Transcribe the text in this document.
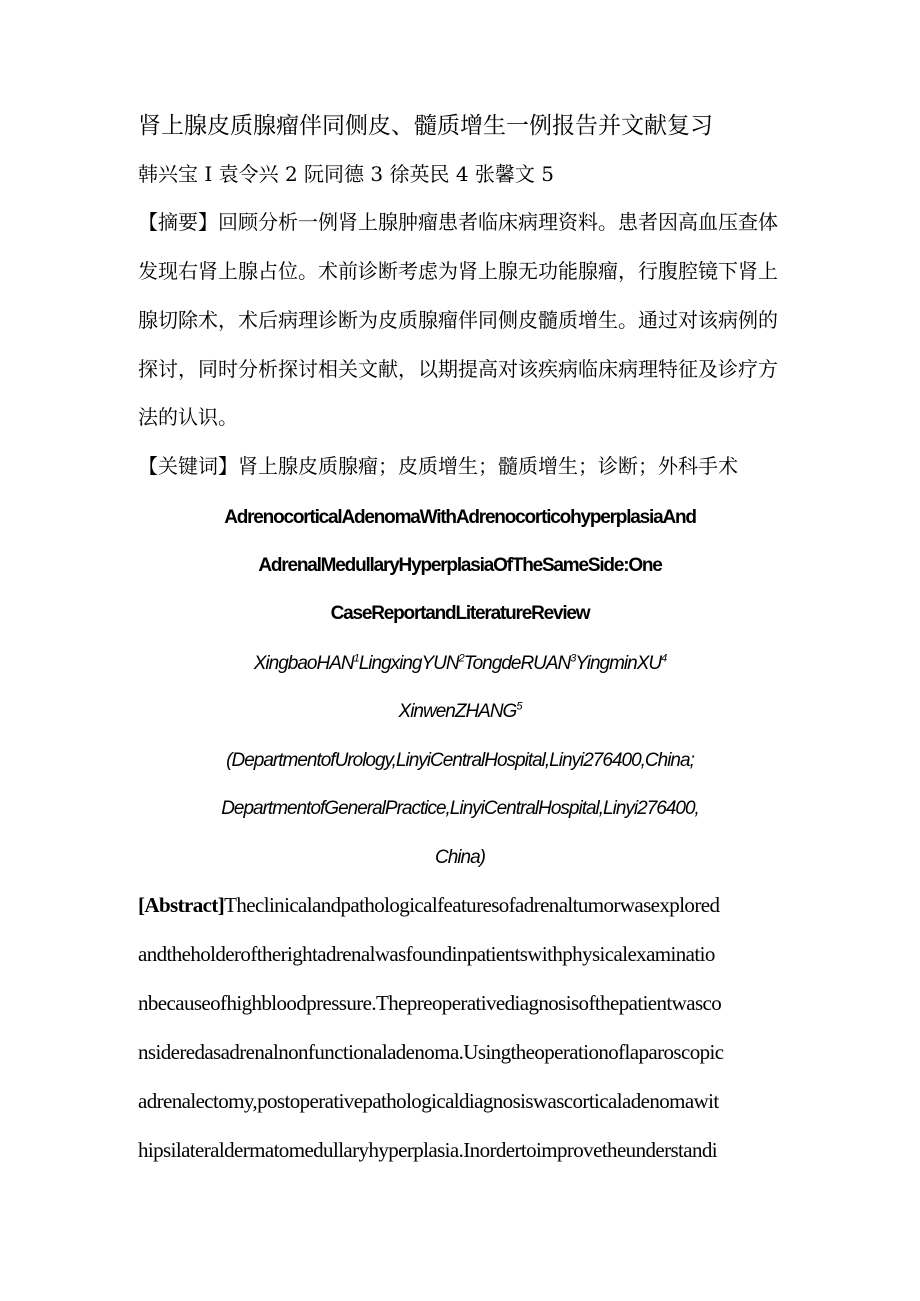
肾上腺皮质腺瘤伴同侧皮、髓质增生一例报告并文献复习
韩兴宝 I 袁令兴 2 阮同德 3 徐英民 4 张馨文 5
【摘要】回顾分析一例肾上腺肿瘤患者临床病理资料。患者因高血压查体
发现右肾上腺占位。术前诊断考虑为肾上腺无功能腺瘤，行腹腔镜下肾上
腺切除术，术后病理诊断为皮质腺瘤伴同侧皮髓质增生。通过对该病例的
探讨，同时分析探讨相关文献，以期提高对该疾病临床病理特征及诊疗方
法的认识。
【关键词】肾上腺皮质腺瘤；皮质增生；髓质增生；诊断；外科手术
AdrenocorticalAdenomaWithAdrenocorticohyperplasiaAnd
AdrenalMedullaryHyperplasiaOfTheSameSide:One
CaseReportandLiteratureReview
XingbaoHAN$^1$LingxingYUN$^2$TongdeRUAN$^3$YingminXU$^4$
XinwenZHANG$^5$
(DepartmentofUrology,LinyiCentralHospital,Linyi276400,China;
DepartmentofGeneralPractice,LinyiCentralHospital,Linyi276400,
China)
[Abstract]Theclinicalandpathologicalfeaturesofadrenaltumorwasexplored
andtheholderoftherightadrenalwasfoundinpatientswithphysicalexaminatio
nbecauseofhighbloodpressure.Thepreoperativediagnosisofthepatientwasco
nsideredasadrenalnonfunctionaladenoma.Usingtheoperationoflaparoscopic
adrenalectomy,postoperativepathologicaldiagnosiswascorticaladenomawit
hipsilateraldermatomedullaryhyperplasia.Inordertoimprovetheunderstandi
